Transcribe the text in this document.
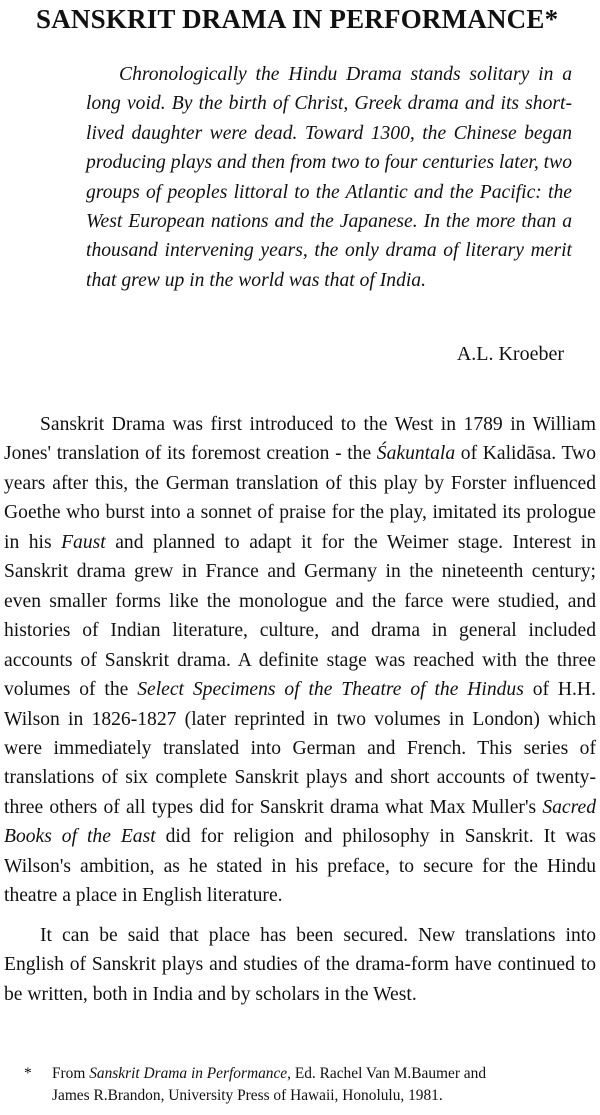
SANSKRIT DRAMA IN PERFORMANCE*

Chronologically the Hindu Drama stands solitary in a long void. By the birth of Christ, Greek drama and its short-lived daughter were dead. Toward 1300, the Chinese began producing plays and then from two to four centuries later, two groups of peoples littoral to the Atlantic and the Pacific: the West European nations and the Japanese. In the more than a thousand intervening years, the only drama of literary merit that grew up in the world was that of India.

A.L. Kroeber

Sanskrit Drama was first introduced to the West in 1789 in William Jones' translation of its foremost creation - the Śakuntala of Kalidāsa. Two years after this, the German translation of this play by Forster influenced Goethe who burst into a sonnet of praise for the play, imitated its prologue in his Faust and planned to adapt it for the Weimer stage. Interest in Sanskrit drama grew in France and Germany in the nineteenth century; even smaller forms like the monologue and the farce were studied, and histories of Indian literature, culture, and drama in general included accounts of Sanskrit drama. A definite stage was reached with the three volumes of the Select Specimens of the Theatre of the Hindus of H.H. Wilson in 1826-1827 (later reprinted in two volumes in London) which were immediately translated into German and French. This series of translations of six complete Sanskrit plays and short accounts of twenty-three others of all types did for Sanskrit drama what Max Muller's Sacred Books of the East did for religion and philosophy in Sanskrit. It was Wilson's ambition, as he stated in his preface, to secure for the Hindu theatre a place in English literature.

It can be said that place has been secured. New translations into English of Sanskrit plays and studies of the drama-form have continued to be written, both in India and by scholars in the West.

* From Sanskrit Drama in Performance, Ed. Rachel Van M.Baumer and
James R.Brandon, University Press of Hawaii, Honolulu, 1981.
